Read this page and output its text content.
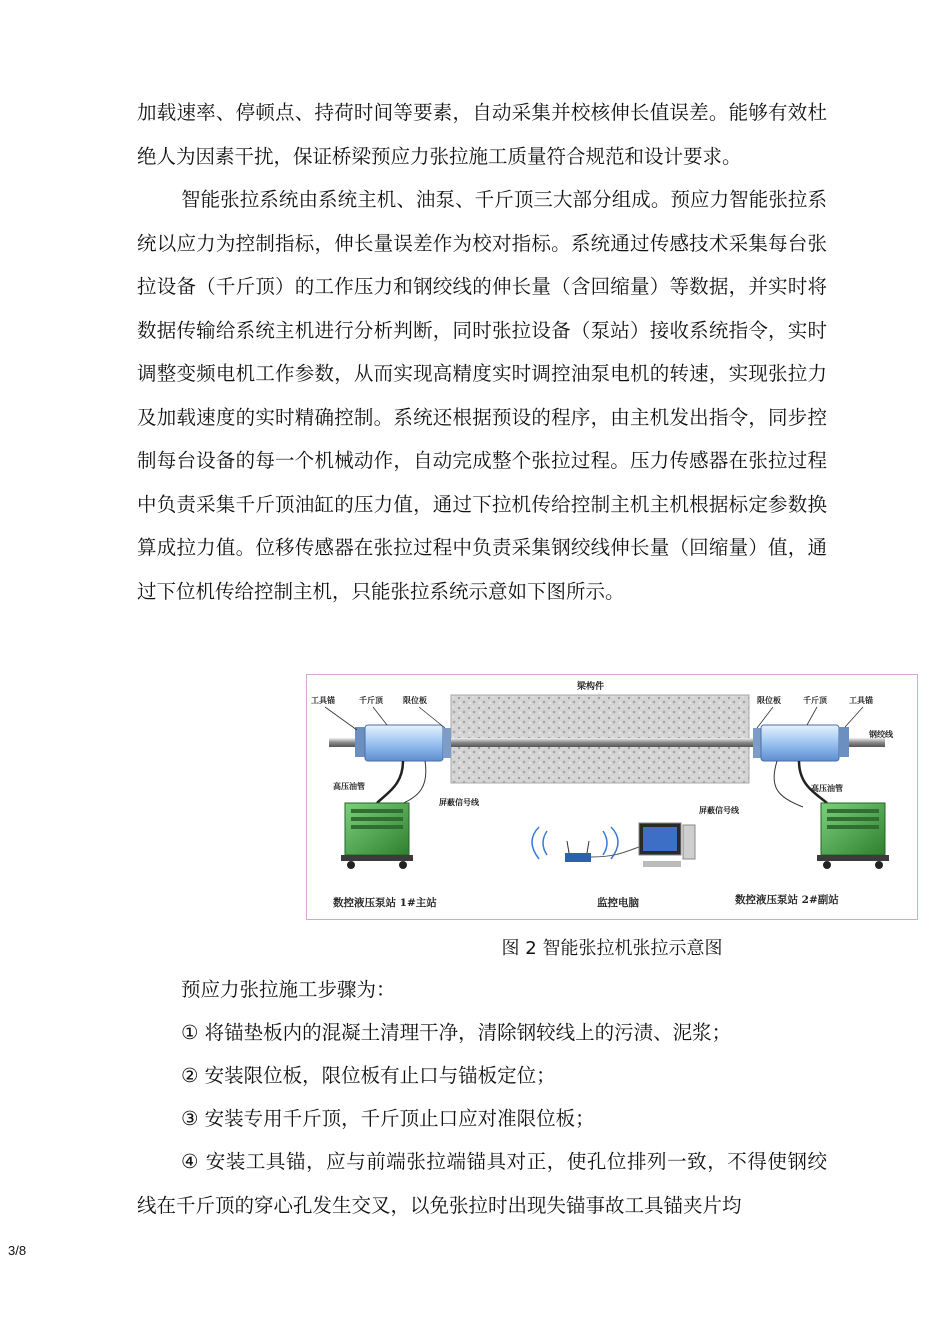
加载速率、停顿点、持荷时间等要素，自动采集并校核伸长值误差。能够有效杜绝人为因素干扰，保证桥梁预应力张拉施工质量符合规范和设计要求。

智能张拉系统由系统主机、油泵、千斤顶三大部分组成。预应力智能张拉系统以应力为控制指标，伸长量误差作为校对指标。系统通过传感技术采集每台张拉设备（千斤顶）的工作压力和钢绞线的伸长量（含回缩量）等数据，并实时将数据传输给系统主机进行分析判断，同时张拉设备（泵站）接收系统指令，实时调整变频电机工作参数，从而实现高精度实时调控油泵电机的转速，实现张拉力及加载速度的实时精确控制。系统还根据预设的程序，由主机发出指令，同步控制每台设备的每一个机械动作，自动完成整个张拉过程。压力传感器在张拉过程中负责采集千斤顶油缸的压力值，通过下拉机传给控制主机主机根据标定参数换算成拉力值。位移传感器在张拉过程中负责采集钢绞线伸长量（回缩量）值，通过下位机传给控制主机，只能张拉系统示意如下图所示。

梁构件
工具锚	千斤顶	限位板	限位板	千斤顶	工具锚
钢绞线
高压油管	高压油管
屏蔽信号线
屏蔽信号线
数控液压泵站 1#主站	监控电脑	数控液压泵站 2#副站

图 2 智能张拉机张拉示意图

预应力张拉施工步骤为：

① 将锚垫板内的混凝土清理干净，清除钢较线上的污渍、泥浆；

② 安装限位板，限位板有止口与锚板定位；

③ 安装专用千斤顶，千斤顶止口应对准限位板；

④ 安装工具锚，应与前端张拉端锚具对正，使孔位排列一致，不得使钢绞线在千斤顶的穿心孔发生交叉，以免张拉时出现失锚事故工具锚夹片均

3/8
